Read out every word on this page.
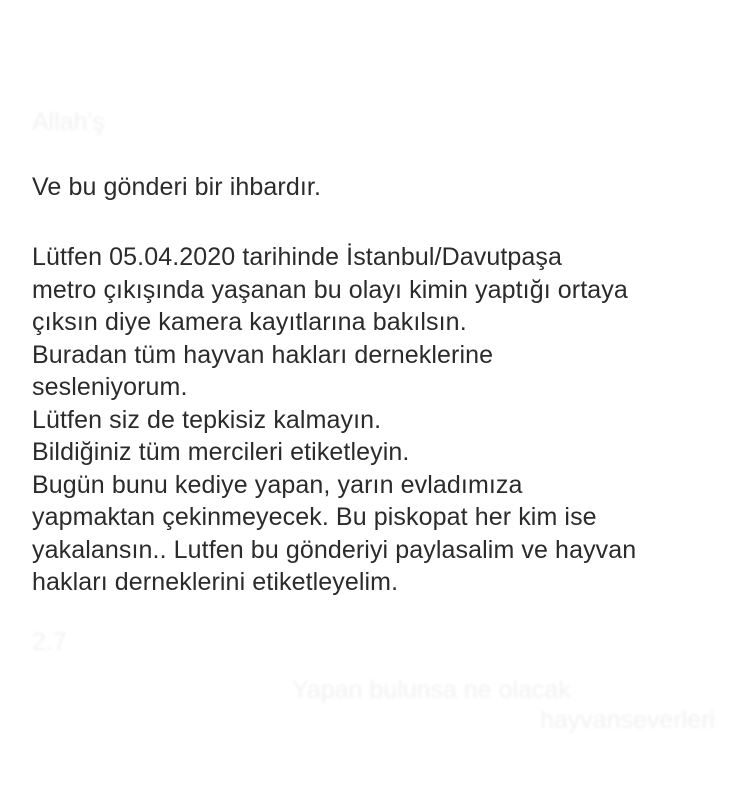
Allah'ş
Ve bu gönderi bir ihbardır.
Lütfen 05.04.2020 tarihinde İstanbul/Davutpaşa
metro çıkışında yaşanan bu olayı kimin yaptığı ortaya
çıksın diye kamera kayıtlarına bakılsın.
Buradan tüm hayvan hakları derneklerine
sesleniyorum.
Lütfen siz de tepkisiz kalmayın.
Bildiğiniz tüm mercileri etiketleyin.
Bugün bunu kediye yapan, yarın evladımıza
yapmaktan çekinmeyecek. Bu piskopat her kim ise
yakalansın.. Lutfen bu gönderiyi paylasalim ve hayvan
hakları derneklerini etiketleyelim.
2.7
Yapan bulunsa ne olacak
hayvanseverleri
